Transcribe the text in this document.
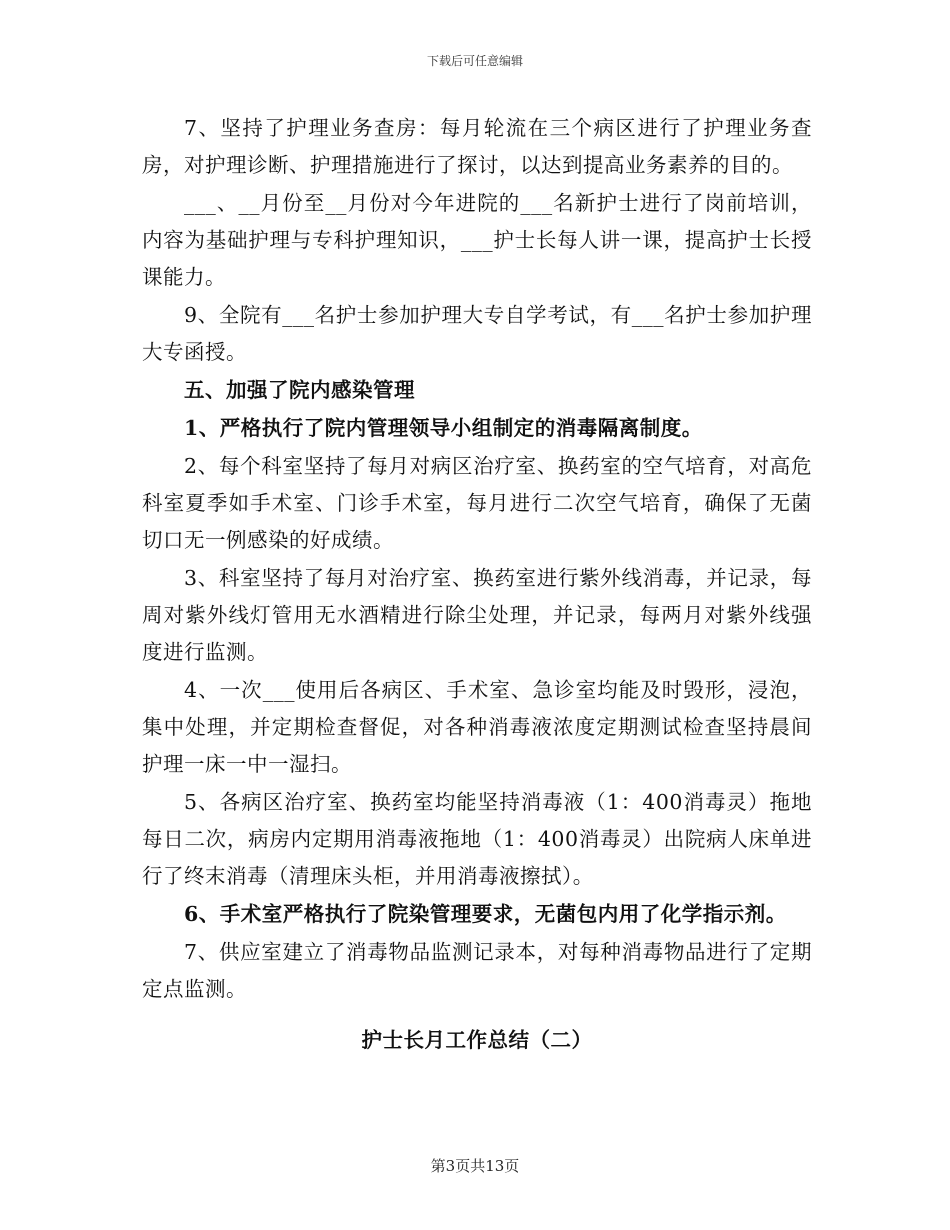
下载后可任意编辑

7、坚持了护理业务查房：每月轮流在三个病区进行了护理业务查房，对护理诊断、护理措施进行了探讨，以达到提高业务素养的目的。

___、__月份至__月份对今年进院的___名新护士进行了岗前培训，内容为基础护理与专科护理知识，___护士长每人讲一课，提高护士长授课能力。

9、全院有___名护士参加护理大专自学考试，有___名护士参加护理大专函授。

五、加强了院内感染管理

1、严格执行了院内管理领导小组制定的消毒隔离制度。

2、每个科室坚持了每月对病区治疗室、换药室的空气培育，对高危科室夏季如手术室、门诊手术室，每月进行二次空气培育，确保了无菌切口无一例感染的好成绩。

3、科室坚持了每月对治疗室、换药室进行紫外线消毒，并记录，每周对紫外线灯管用无水酒精进行除尘处理，并记录，每两月对紫外线强度进行监测。

4、一次___使用后各病区、手术室、急诊室均能及时毁形，浸泡，集中处理，并定期检查督促，对各种消毒液浓度定期测试检查坚持晨间护理一床一中一湿扫。

5、各病区治疗室、换药室均能坚持消毒液（1：400消毒灵）拖地每日二次，病房内定期用消毒液拖地（1：400消毒灵）出院病人床单进行了终末消毒（清理床头柜，并用消毒液擦拭）。

6、手术室严格执行了院染管理要求，无菌包内用了化学指示剂。

7、供应室建立了消毒物品监测记录本，对每种消毒物品进行了定期定点监测。

护士长月工作总结（二）
第3页共13页
